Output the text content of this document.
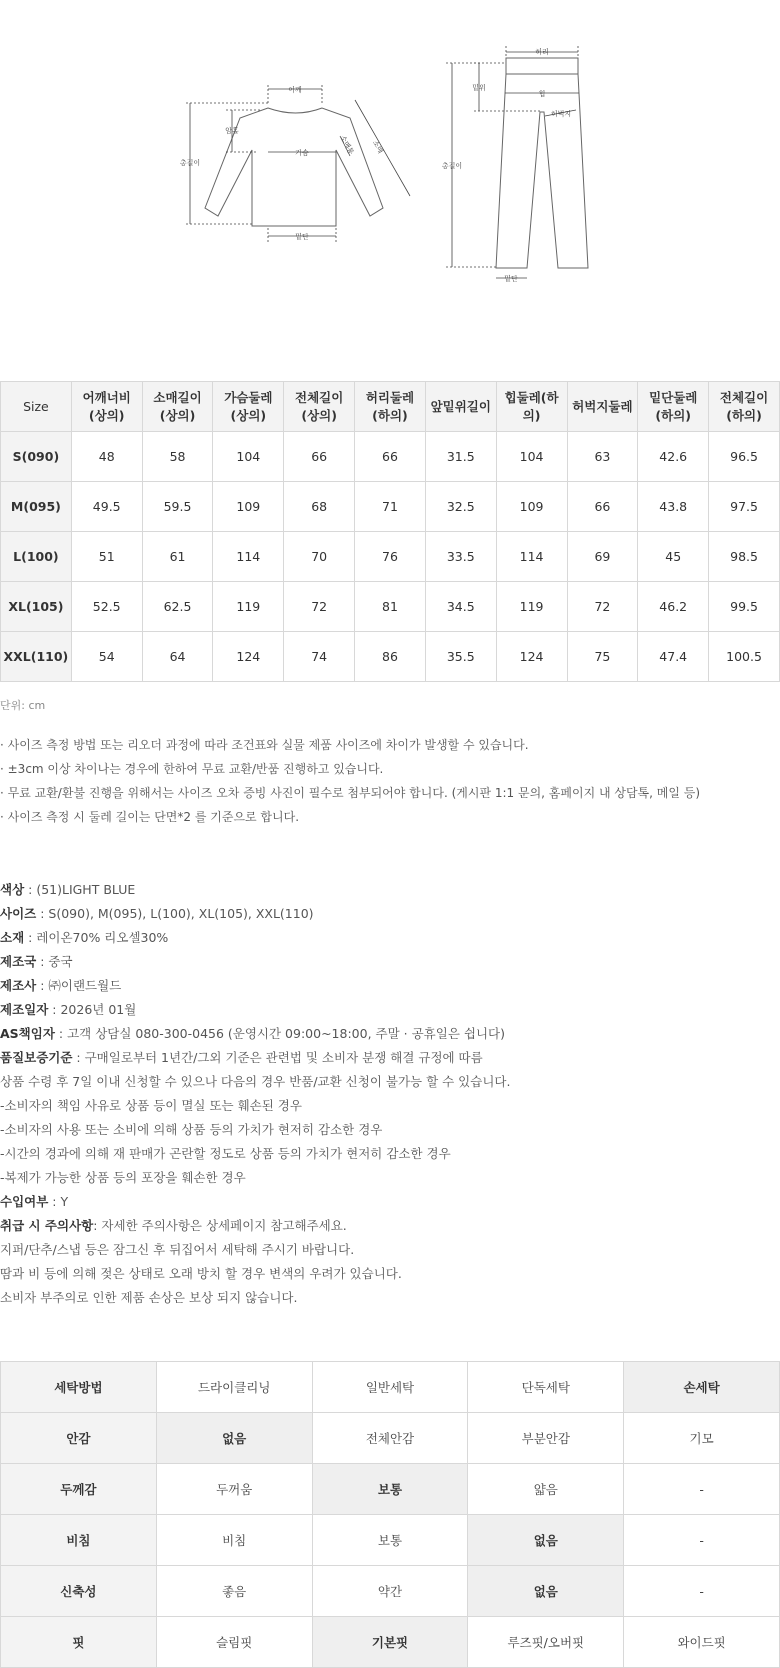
어깨
암홀
총길이
가슴	소매통 소매
밑단
허리
밑위
힙
허벅지
총길이
밑단
Size	어깨너비(상의)	소매길이(상의)	가슴둘레(상의)	전체길이(상의)	허리둘레(하의)	앞밑위길이	힙둘레(하의)	허벅지둘레	밑단둘레(하의)	전체길이(하의)
S(090)	48	58	104	66	66	31.5	104	63	42.6	96.5
M(095)	49.5	59.5	109	68	71	32.5	109	66	43.8	97.5
L(100)	51	61	114	70	76	33.5	114	69	45	98.5
XL(105)	52.5	62.5	119	72	81	34.5	119	72	46.2	99.5
XXL(110)	54	64	124	74	86	35.5	124	75	47.4	100.5
단위: cm
· 사이즈 측정 방법 또는 리오더 과정에 따라 조건표와 실물 제품 사이즈에 차이가 발생할 수 있습니다.
· ±3cm 이상 차이나는 경우에 한하여 무료 교환/반품 진행하고 있습니다.
· 무료 교환/환불 진행을 위해서는 사이즈 오차 증빙 사진이 필수로 첨부되어야 합니다. (게시판 1:1 문의, 홈페이지 내 상담톡, 메일 등)
· 사이즈 측정 시 둘레 길이는 단면*2 를 기준으로 합니다.
색상 : (51)LIGHT BLUE
사이즈 : S(090), M(095), L(100), XL(105), XXL(110)
소재 : 레이온70% 리오셀30%
제조국 : 중국
제조사 : ㈜이랜드월드
제조일자 : 2026년 01월
AS책임자 : 고객 상담실 080-300-0456 (운영시간 09:00~18:00, 주말 · 공휴일은 쉽니다)
품질보증기준 : 구매일로부터 1년간/그외 기준은 관련법 및 소비자 분쟁 해결 규정에 따름
상품 수령 후 7일 이내 신청할 수 있으나 다음의 경우 반품/교환 신청이 불가능 할 수 있습니다.
-소비자의 책임 사유로 상품 등이 멸실 또는 훼손된 경우
-소비자의 사용 또는 소비에 의해 상품 등의 가치가 현저히 감소한 경우
-시간의 경과에 의해 재 판매가 곤란할 정도로 상품 등의 가치가 현저히 감소한 경우
-복제가 가능한 상품 등의 포장을 훼손한 경우
수입여부 : Y
취급 시 주의사항: 자세한 주의사항은 상세페이지 참고해주세요.
지퍼/단추/스냅 등은 잠그신 후 뒤집어서 세탁해 주시기 바랍니다.
땀과 비 등에 의해 젖은 상태로 오래 방치 할 경우 변색의 우려가 있습니다.
소비자 부주의로 인한 제품 손상은 보상 되지 않습니다.
세탁방법	드라이클리닝	일반세탁	단독세탁	손세탁
안감	없음	전체안감	부분안감	기모
두께감	두꺼움	보통	얇음	-
비침	비침	보통	없음	-
신축성	좋음	약간	없음	-
핏	슬림핏	기본핏	루즈핏/오버핏	와이드핏
